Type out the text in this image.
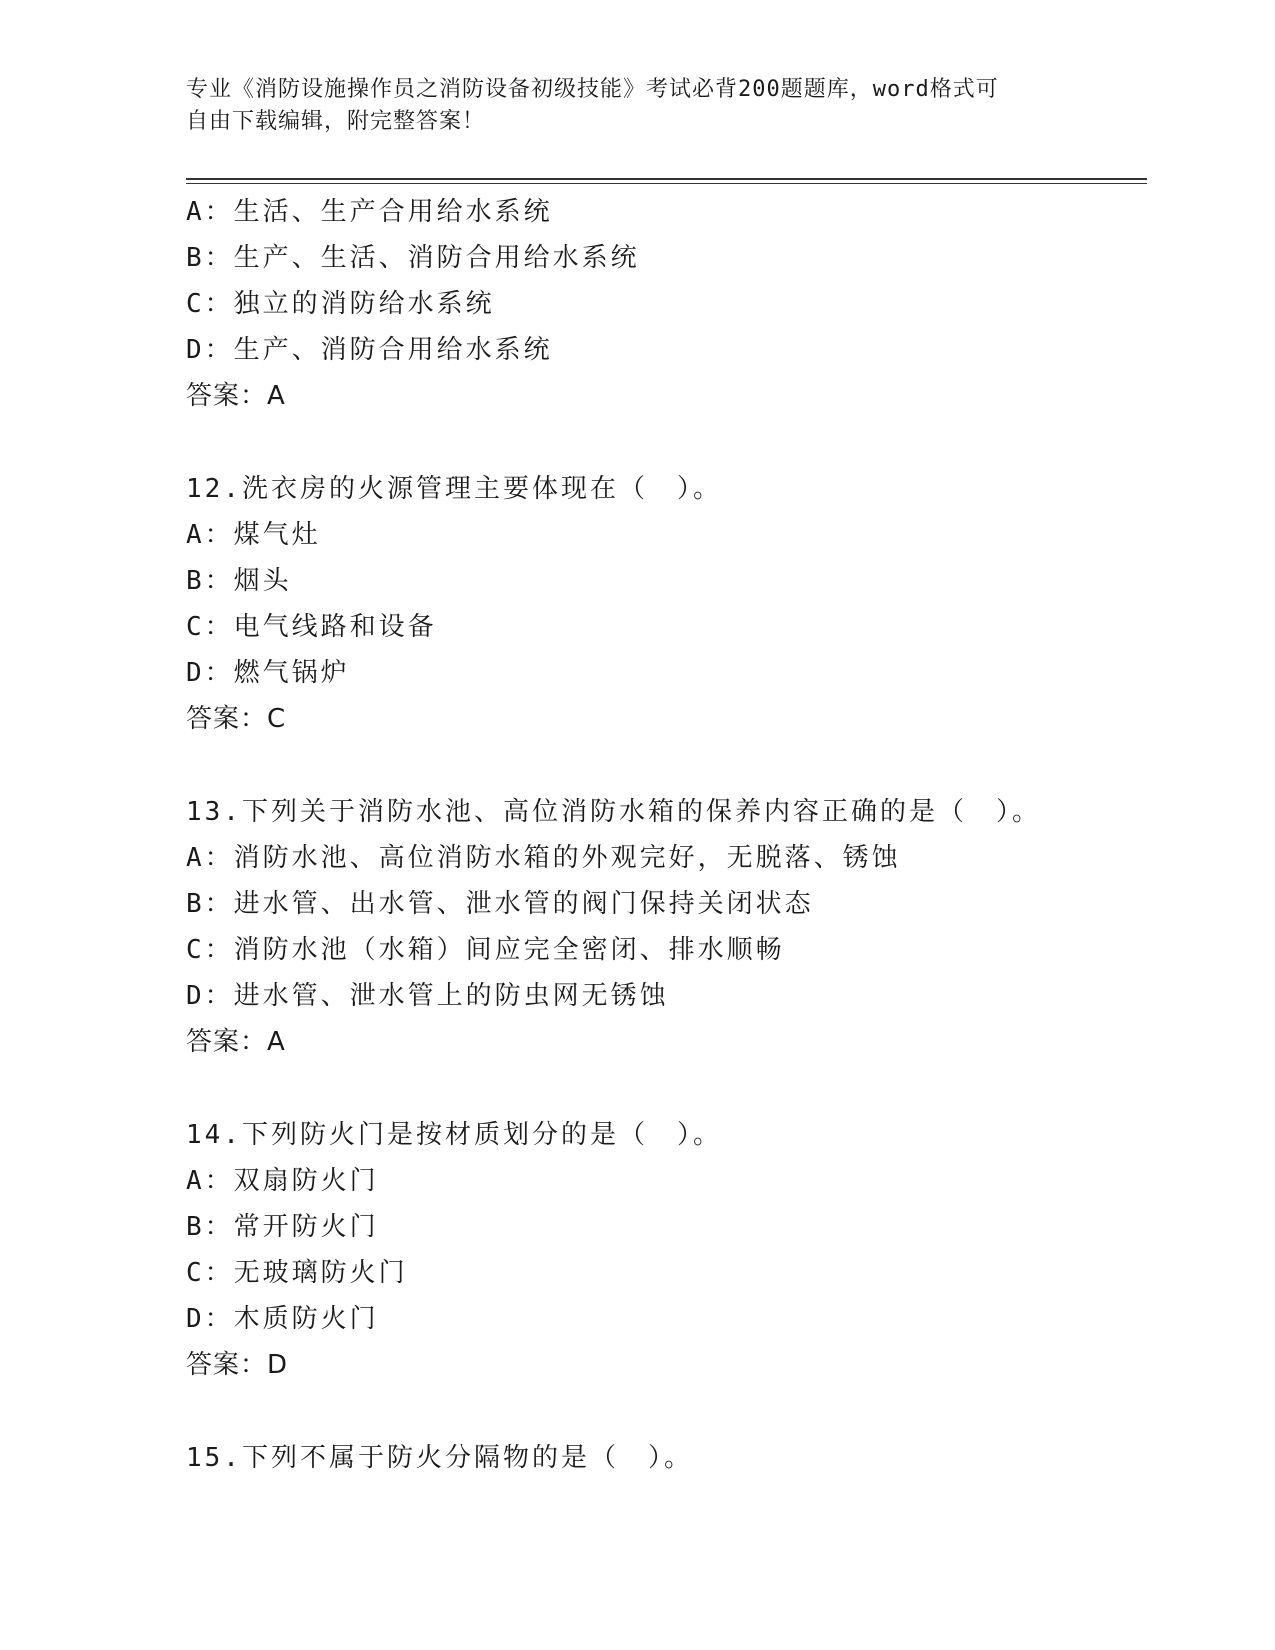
专业《消防设施操作员之消防设备初级技能》考试必背200题题库，word格式可
自由下载编辑，附完整答案！
A：生活、生产合用给水系统
B：生产、生活、消防合用给水系统
C：独立的消防给水系统
D：生产、消防合用给水系统
答案：A
12.洗衣房的火源管理主要体现在（　）。
A：煤气灶
B：烟头
C：电气线路和设备
D：燃气锅炉
答案：C
13.下列关于消防水池、高位消防水箱的保养内容正确的是（　）。
A：消防水池、高位消防水箱的外观完好，无脱落、锈蚀
B：进水管、出水管、泄水管的阀门保持关闭状态
C：消防水池（水箱）间应完全密闭、排水顺畅
D：进水管、泄水管上的防虫网无锈蚀
答案：A
14.下列防火门是按材质划分的是（　）。
A：双扇防火门
B：常开防火门
C：无玻璃防火门
D：木质防火门
答案：D
15.下列不属于防火分隔物的是（　）。
